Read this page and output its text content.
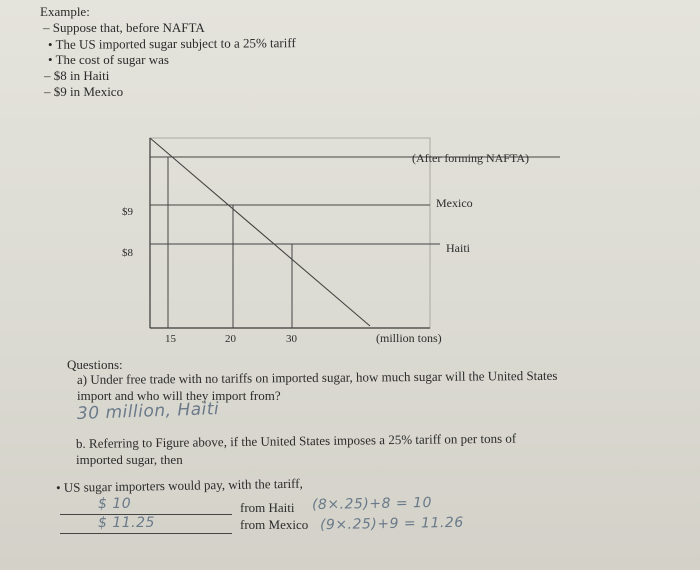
Example:
– Suppose that, before NAFTA
• The US imported sugar subject to a 25% tariff
• The cost of sugar was
– $8 in Haiti
– $9 in Mexico
(After forming NAFTA)
Mexico
Haiti
$9
$8
15	20	30	(million tons)
Questions:
a) Under free trade with no tariffs on imported sugar, how much sugar will the United States
import and who will they import from?
30 million, Haiti
b. Referring to Figure above, if the United States imposes a 25% tariff on per tons of
imported sugar, then
• US sugar importers would pay, with the tariff,
$ 10	from Haiti (8×.25)+8 = 10
$ 11.25	from Mexico (9×.25)+9 = 11.26
